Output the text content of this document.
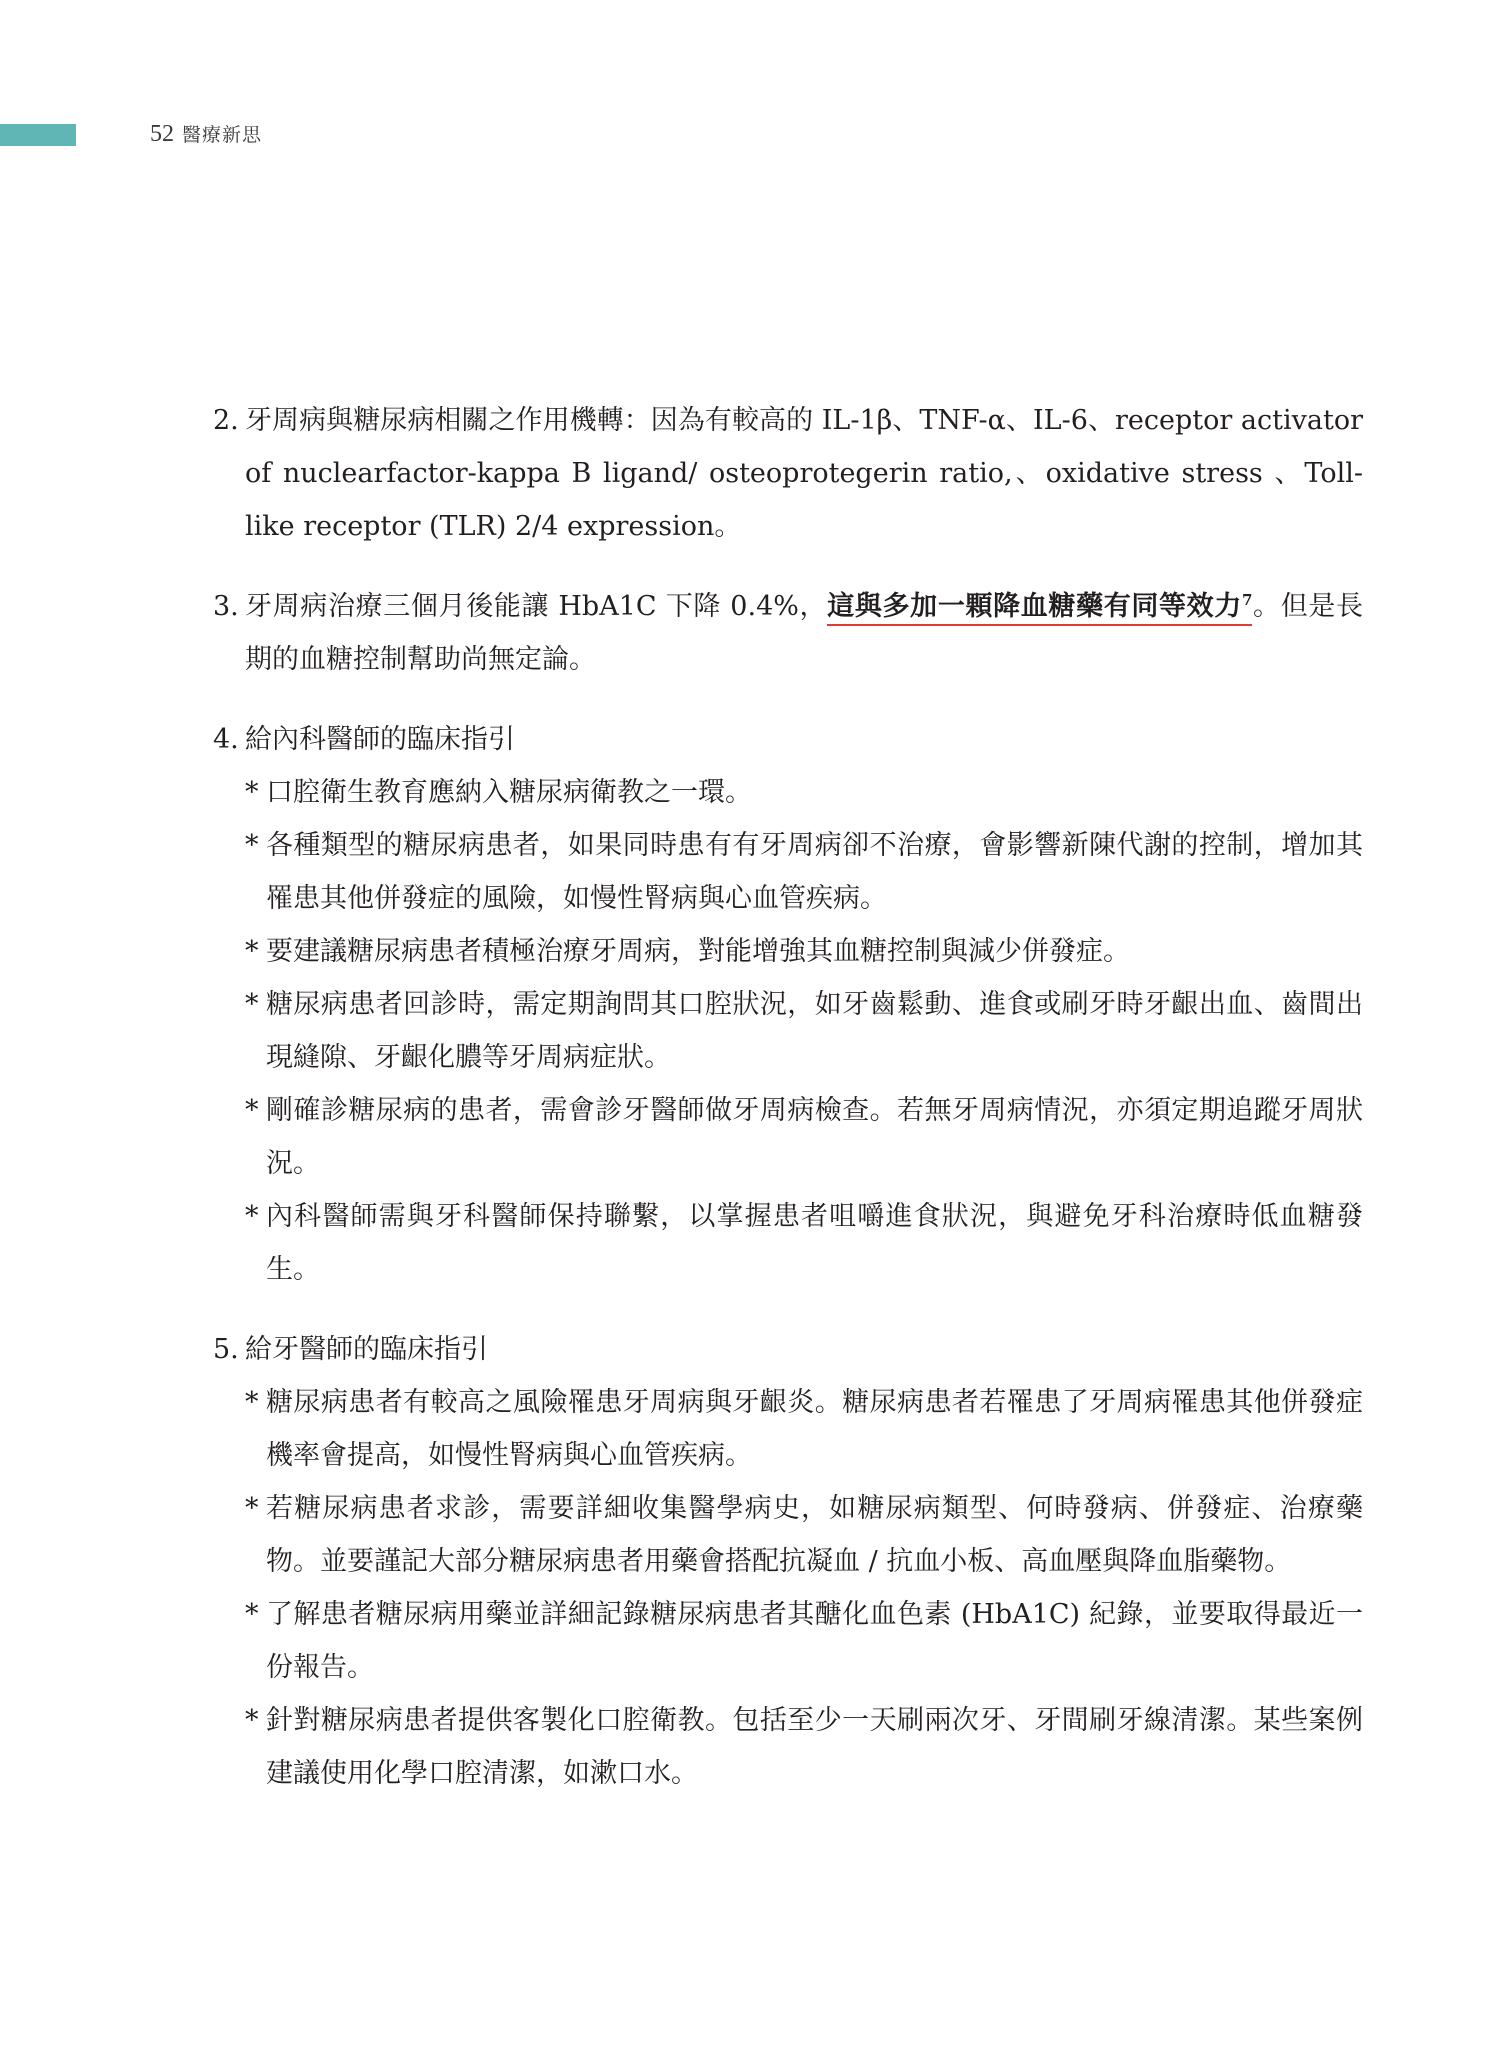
52 醫療新思
2. 牙周病與糖尿病相關之作用機轉：因為有較高的 IL-1β、TNF-α、IL-6、receptor activator of nuclearfactor-kappa B ligand/ osteoprotegerin ratio,、oxidative stress 、Toll-like receptor (TLR) 2/4 expression。
3. 牙周病治療三個月後能讓 HbA1C 下降 0.4%，這與多加一顆降血糖藥有同等效力$^7$。但是長期的血糖控制幫助尚無定論。
4. 給內科醫師的臨床指引
* 口腔衛生教育應納入糖尿病衛教之一環。
* 各種類型的糖尿病患者，如果同時患有有牙周病卻不治療，會影響新陳代謝的控制，增加其罹患其他併發症的風險，如慢性腎病與心血管疾病。
* 要建議糖尿病患者積極治療牙周病，對能增強其血糖控制與減少併發症。
* 糖尿病患者回診時，需定期詢問其口腔狀況，如牙齒鬆動、進食或刷牙時牙齦出血、齒間出現縫隙、牙齦化膿等牙周病症狀。
* 剛確診糖尿病的患者，需會診牙醫師做牙周病檢查。若無牙周病情況，亦須定期追蹤牙周狀況。
* 內科醫師需與牙科醫師保持聯繫，以掌握患者咀嚼進食狀況，與避免牙科治療時低血糖發生。
5. 給牙醫師的臨床指引
* 糖尿病患者有較高之風險罹患牙周病與牙齦炎。糖尿病患者若罹患了牙周病罹患其他併發症機率會提高，如慢性腎病與心血管疾病。
* 若糖尿病患者求診，需要詳細收集醫學病史，如糖尿病類型、何時發病、併發症、治療藥物。並要謹記大部分糖尿病患者用藥會搭配抗凝血 / 抗血小板、高血壓與降血脂藥物。
* 了解患者糖尿病用藥並詳細記錄糖尿病患者其醣化血色素 (HbA1C) 紀錄，並要取得最近一份報告。
* 針對糖尿病患者提供客製化口腔衛教。包括至少一天刷兩次牙、牙間刷牙線清潔。某些案例建議使用化學口腔清潔，如漱口水。
